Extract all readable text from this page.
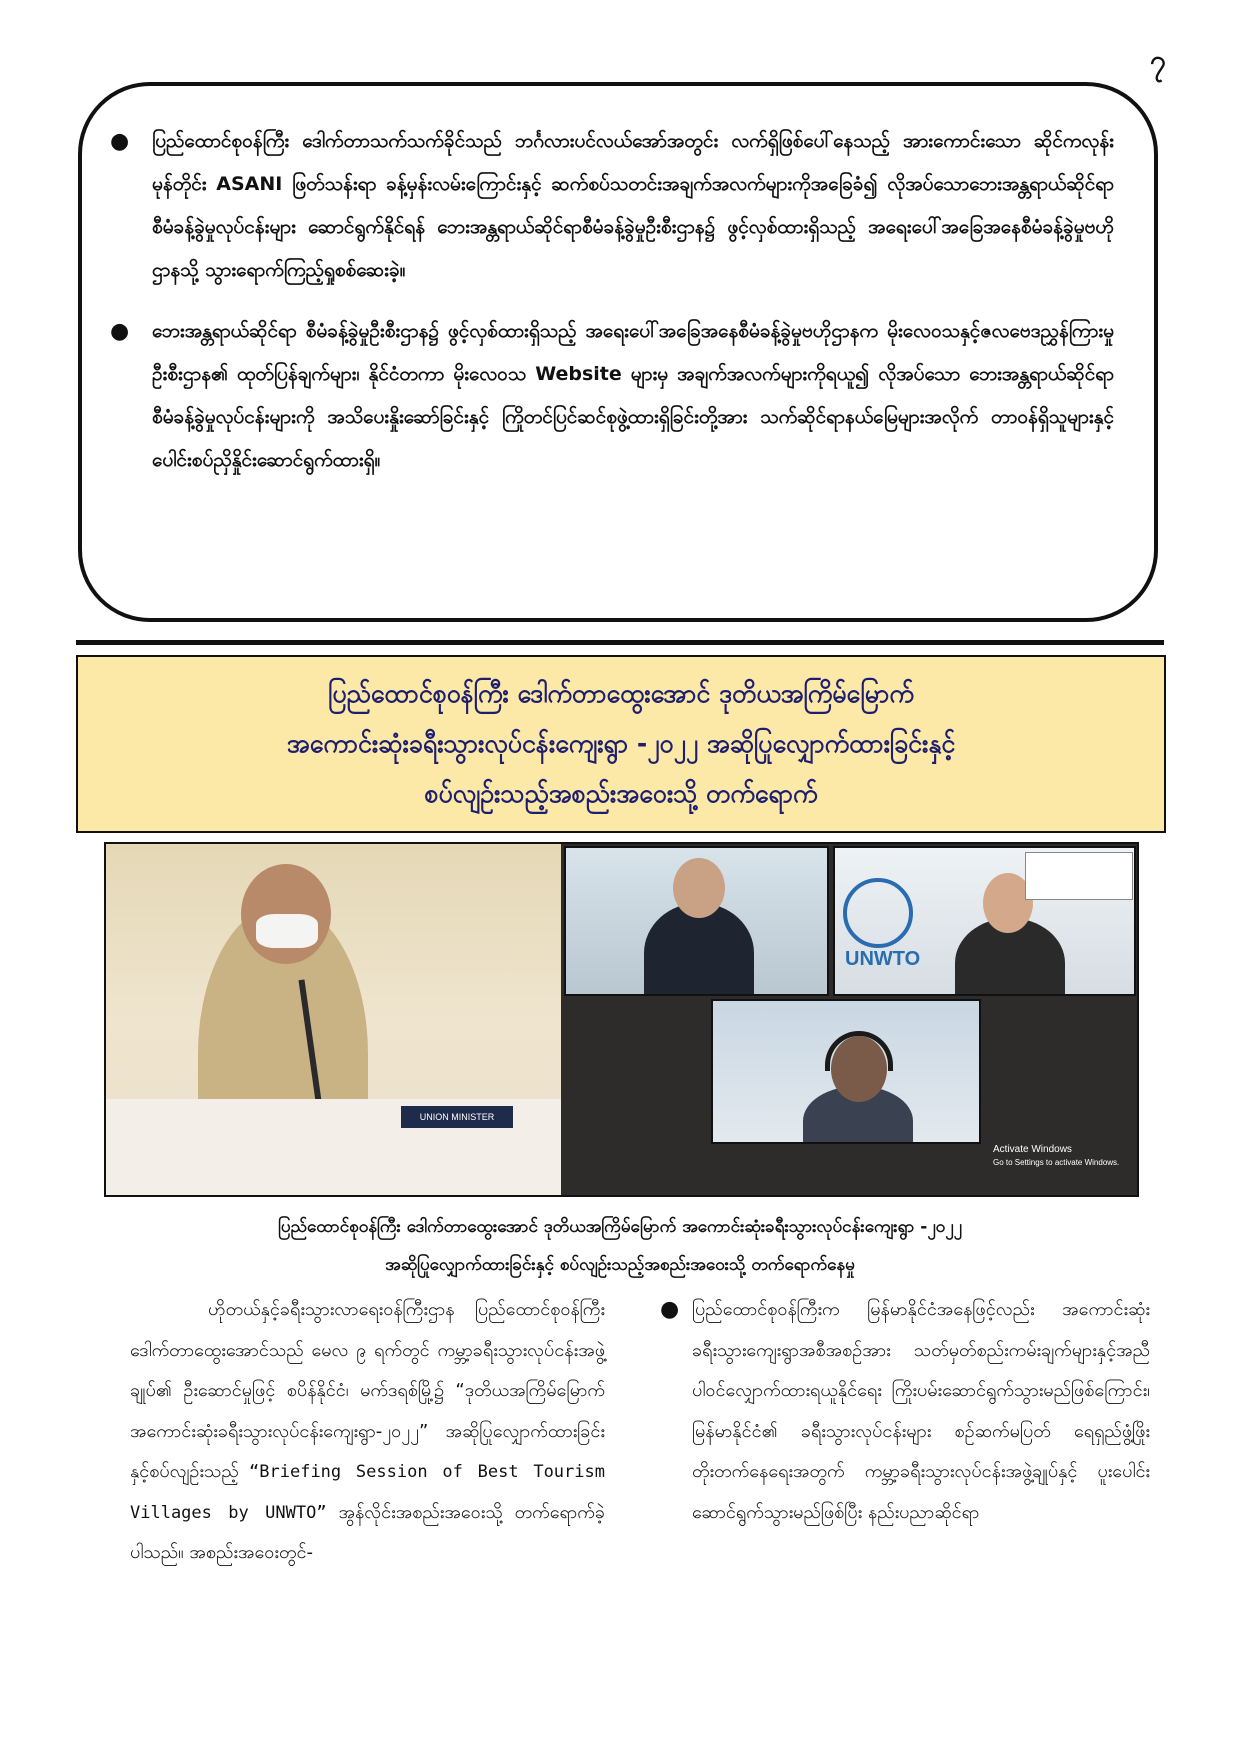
၇
● ပြည်ထောင်စုဝန်ကြီး ဒေါက်တာသက်သက်ခိုင်သည် ဘင်္ဂလားပင်လယ်အော်အတွင်း လက်ရှိဖြစ်ပေါ်နေသည့် အားကောင်းသော ဆိုင်ကလုန်းမုန်တိုင်း ASANI ဖြတ်သန်းရာ ခန့်မှန်းလမ်းကြောင်းနှင့် ဆက်စပ်သတင်းအချက်အလက်များကိုအခြေခံ၍ လိုအပ်သောဘေးအန္တရာယ်ဆိုင်ရာစီမံခန့်ခွဲမှုလုပ်ငန်းများ ဆောင်ရွက်နိုင်ရန် ဘေးအန္တရာယ်ဆိုင်ရာစီမံခန့်ခွဲမှုဦးစီးဌာန၌ ဖွင့်လှစ်ထားရှိသည့် အရေးပေါ်အခြေအနေစီမံခန့်ခွဲမှုဗဟိုဌာနသို့ သွားရောက်ကြည့်ရှုစစ်ဆေးခဲ့။
● ဘေးအန္တရာယ်ဆိုင်ရာ စီမံခန့်ခွဲမှုဦးစီးဌာန၌ ဖွင့်လှစ်ထားရှိသည့် အရေးပေါ်အခြေအနေစီမံခန့်ခွဲမှုဗဟိုဌာနက မိုးလေဝသနှင့်ဇလဗေဒညွှန်ကြားမှုဦးစီးဌာန၏ ထုတ်ပြန်ချက်များ၊ နိုင်ငံတကာ မိုးလေဝသ Website များမှ အချက်အလက်များကိုရယူ၍ လိုအပ်သော ဘေးအန္တရာယ်ဆိုင်ရာစီမံခန့်ခွဲမှုလုပ်ငန်းများကို အသိပေးနှိုးဆော်ခြင်းနှင့် ကြိုတင်ပြင်ဆင်စုဖွဲ့ထားရှိခြင်းတို့အား သက်ဆိုင်ရာနယ်မြေများအလိုက် တာဝန်ရှိသူများနှင့် ပေါင်းစပ်ညှိနှိုင်းဆောင်ရွက်ထားရှိ။
ပြည်ထောင်စုဝန်ကြီး ဒေါက်တာထွေးအောင် ဒုတိယအကြိမ်မြောက်
အကောင်းဆုံးခရီးသွားလုပ်ငန်းကျေးရွာ -၂၀၂၂ အဆိုပြုလျှောက်ထားခြင်းနှင့်
စပ်လျဉ်းသည့်အစည်းအဝေးသို့ တက်ရောက်
UNION MINISTER
UNWTO
Activate Windows
Go to Settings to activate Windows.
ပြည်ထောင်စုဝန်ကြီး ဒေါက်တာထွေးအောင် ဒုတိယအကြိမ်မြောက် အကောင်းဆုံးခရီးသွားလုပ်ငန်းကျေးရွာ -၂၀၂၂
အဆိုပြုလျှောက်ထားခြင်းနှင့် စပ်လျဉ်းသည့်အစည်းအဝေးသို့ တက်ရောက်နေမှု
ဟိုတယ်နှင့်ခရီးသွားလာရေးဝန်ကြီးဌာန ပြည်ထောင်စုဝန်ကြီး ဒေါက်တာထွေးအောင်သည် မေလ ၉ ရက်တွင် ကမ္ဘာ့ခရီးသွားလုပ်ငန်းအဖွဲ့ချုပ်၏ ဦးဆောင်မှုဖြင့် စပိန်နိုင်ငံ၊ မက်ဒရစ်မြို့၌ “ဒုတိယအကြိမ်မြောက် အကောင်းဆုံးခရီးသွားလုပ်ငန်းကျေးရွာ-၂၀၂၂” အဆိုပြုလျှောက်ထားခြင်းနှင့်စပ်လျဉ်းသည့် “Briefing Session of Best Tourism Villages by UNWTO” အွန်လိုင်းအစည်းအဝေးသို့ တက်ရောက်ခဲ့ပါသည်။ အစည်းအဝေးတွင်-
● ပြည်ထောင်စုဝန်ကြီးက မြန်မာနိုင်ငံအနေဖြင့်လည်း အကောင်းဆုံးခရီးသွားကျေးရွာအစီအစဉ်အား သတ်မှတ်စည်းကမ်းချက်များနှင့်အညီ ပါဝင်လျှောက်ထားရယူနိုင်ရေး ကြိုးပမ်းဆောင်ရွက်သွားမည်ဖြစ်ကြောင်း၊ မြန်မာနိုင်ငံ၏ ခရီးသွားလုပ်ငန်းများ စဉ်ဆက်မပြတ် ရေရှည်ဖွံ့ဖြိုးတိုးတက်နေရေးအတွက် ကမ္ဘာ့ခရီးသွားလုပ်ငန်းအဖွဲ့ချုပ်နှင့် ပူးပေါင်းဆောင်ရွက်သွားမည်ဖြစ်ပြီး နည်းပညာဆိုင်ရာ
